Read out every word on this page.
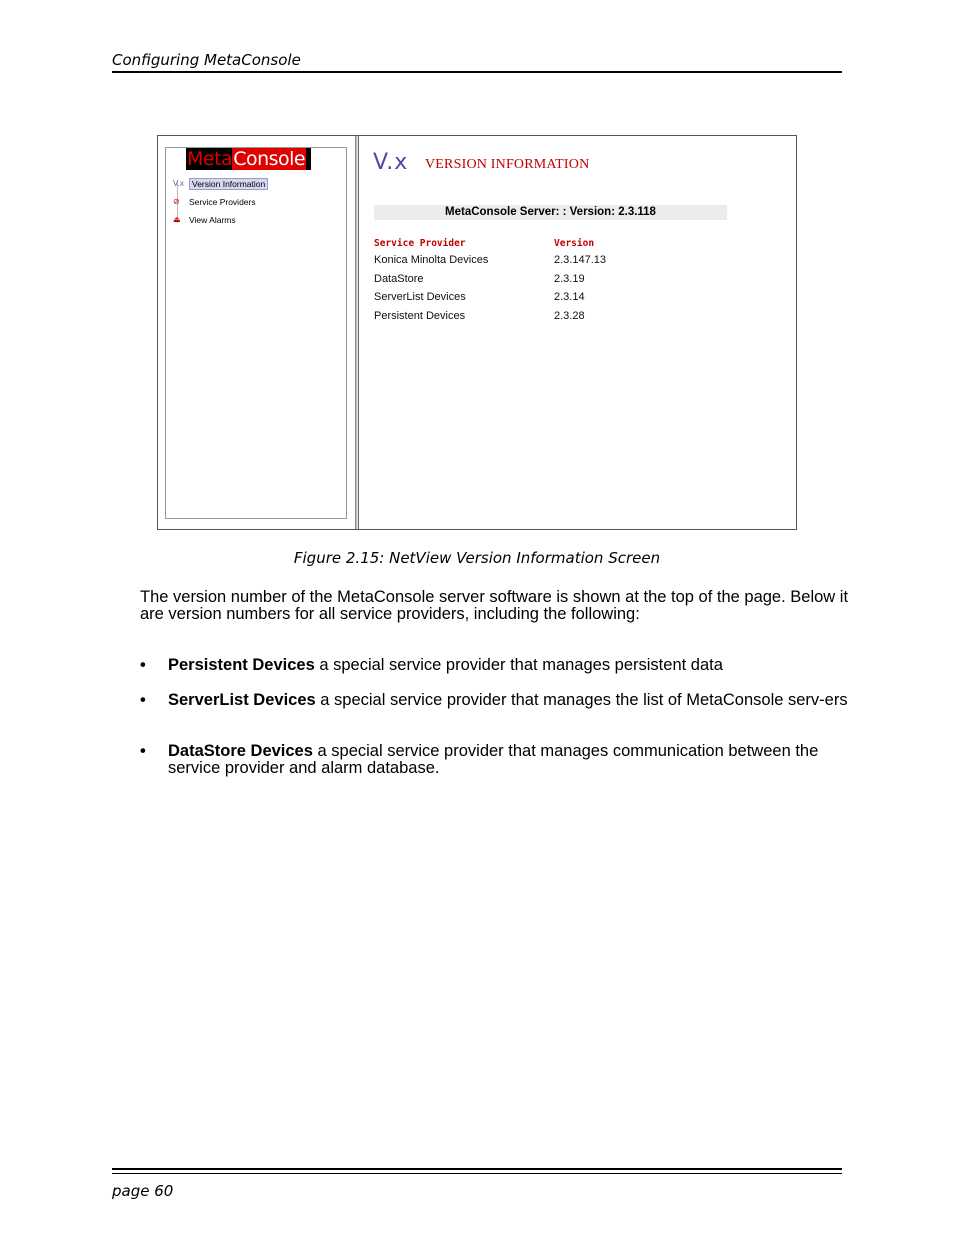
Configuring MetaConsole
MetaConsole
V.x Version Information
⊘ Service Providers
⏏ View Alarms
V.x VERSION INFORMATION
MetaConsole Server: : Version: 2.3.118
Service Provider	Version
Konica Minolta Devices	2.3.147.13
DataStore	2.3.19
ServerList Devices	2.3.14
Persistent Devices	2.3.28
Figure 2.15: NetView Version Information Screen
The version number of the MetaConsole server software is shown at the top of the page. Below it are version numbers for all service providers, including the following:
• Persistent Devices a special service provider that manages persistent data
• ServerList Devices a special service provider that manages the list of MetaConsole serv-ers
• DataStore Devices a special service provider that manages communication between the service provider and alarm database.
page 60
